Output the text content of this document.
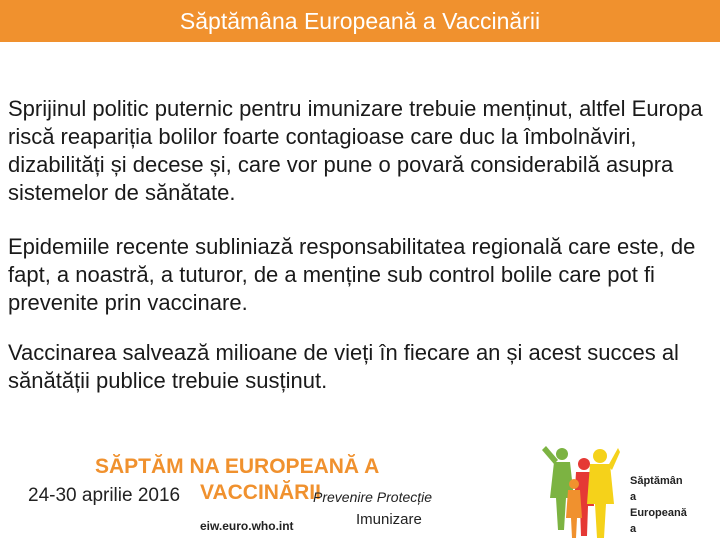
Săptămâna Europeană a Vaccinării
Sprijinul politic puternic pentru imunizare trebuie menținut, altfel Europa riscă reapariția bolilor foarte contagioase care duc la îmbolnăviri, dizabilități și decese și, care vor pune o povară considerabilă asupra sistemelor de sănătate.
Epidemiile recente subliniază responsabilitatea regională care este, de fapt, a noastră, a tuturor, de a menține sub control bolile care pot fi prevenite prin vaccinare.
Vaccinarea salvează milioane de vieți în fiecare an și acest succes al sănătății publice trebuie susținut.
SĂPTĂM NA EUROPEANĂ A
24-30 aprilie 2016 VACCINĂRII
Prevenire Protecție
Imunizare
eiw.euro.who.int
Săptămân
a
Europeană
a
